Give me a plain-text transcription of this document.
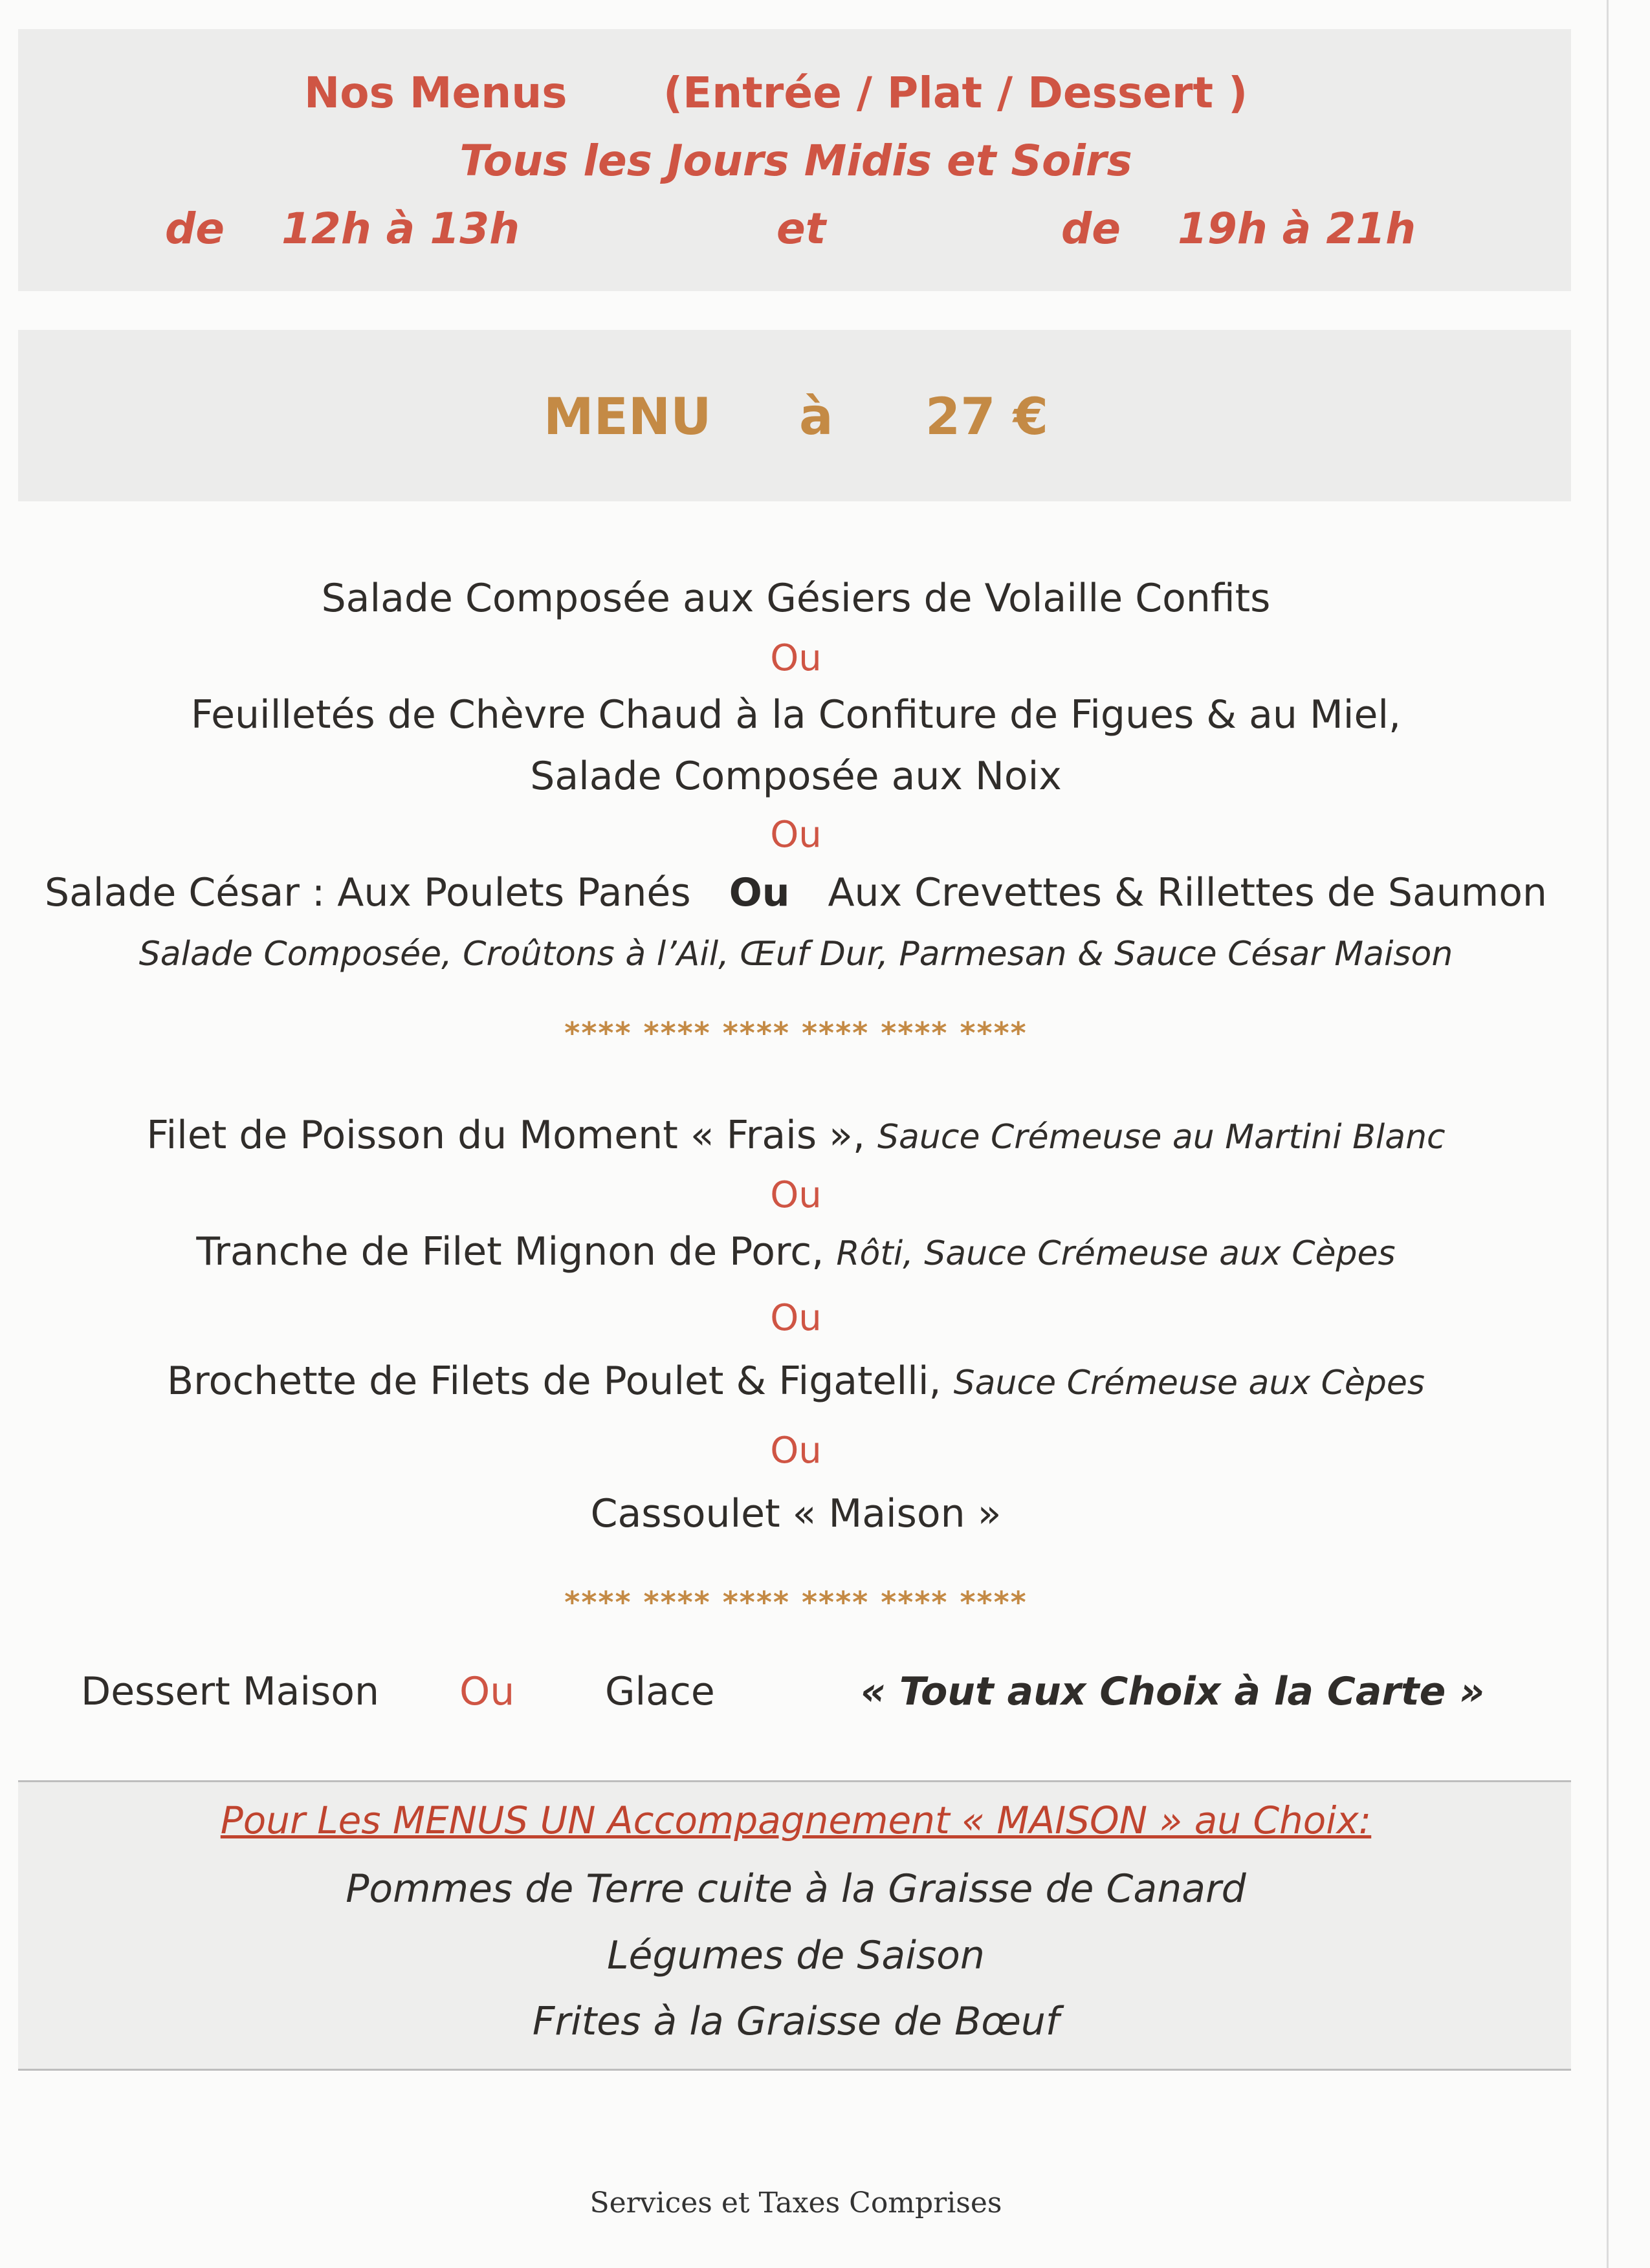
Nos Menus (Entrée / Plat / Dessert )
Tous les Jours Midis et Soirs
de 12h à 13h	et	de 19h à 21h
MENU à 27 €
Salade Composée aux Gésiers de Volaille Confits
Ou
Feuilletés de Chèvre Chaud à la Confiture de Figues & au Miel,
Salade Composée aux Noix
Ou
Salade César : Aux Poulets Panés Ou Aux Crevettes & Rillettes de Saumon
Salade Composée, Croûtons à l’Ail, Œuf Dur, Parmesan & Sauce César Maison
**** **** **** **** **** ****
Filet de Poisson du Moment « Frais », Sauce Crémeuse au Martini Blanc
Ou
Tranche de Filet Mignon de Porc, Rôti, Sauce Crémeuse aux Cèpes
Ou
Brochette de Filets de Poulet & Figatelli, Sauce Crémeuse aux Cèpes
Ou
Cassoulet « Maison »
**** **** **** **** **** ****
Dessert Maison Ou Glace	« Tout aux Choix à la Carte »
Pour Les MENUS UN Accompagnement « MAISON » au Choix:
Pommes de Terre cuite à la Graisse de Canard
Légumes de Saison
Frites à la Graisse de Bœuf
Services et Taxes Comprises
